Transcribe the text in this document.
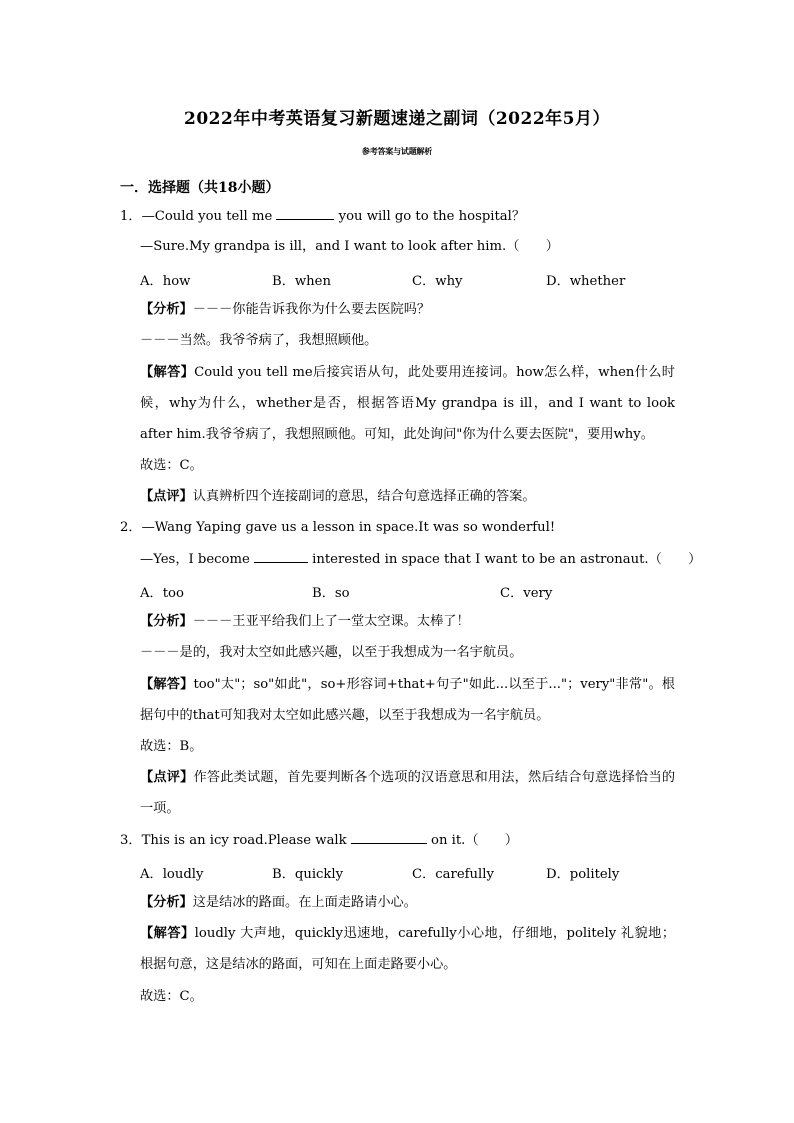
2022年中考英语复习新题速递之副词（2022年5月）
参考答案与试题解析
一．选择题（共18小题）
1．—Could you tell me	you will go to the hospital？
—Sure.My grandpa is ill，and I want to look after him.（　　）
A．how	B．when	C．why	D．whether
【分析】－－－你能告诉我你为什么要去医院吗？
－－－当然。我爷爷病了，我想照顾他。
【解答】Could you tell me后接宾语从句，此处要用连接词。how怎么样，when什么时候，why为什么，whether是否，根据答语My grandpa is ill，and I want to look after him.我爷爷病了，我想照顾他。可知，此处询问"你为什么要去医院"，要用why。
故选：C。
【点评】认真辨析四个连接副词的意思，结合句意选择正确的答案。
2．—Wang Yaping gave us a lesson in space.It was so wonderful!
—Yes，I become	interested in space that I want to be an astronaut.（　　）
A．too	B．so	C．very
【分析】－－－王亚平给我们上了一堂太空课。太棒了！
－－－是的，我对太空如此感兴趣，以至于我想成为一名宇航员。
【解答】too"太"；so"如此"，so+形容词+that+句子"如此...以至于..."；very"非常"。根据句中的that可知我对太空如此感兴趣，以至于我想成为一名宇航员。
故选：B。
【点评】作答此类试题，首先要判断各个选项的汉语意思和用法，然后结合句意选择恰当的一项。
3．This is an icy road.Please walk	on it.（　　）
A．loudly	B．quickly	C．carefully	D．politely
【分析】这是结冰的路面。在上面走路请小心。
【解答】loudly 大声地，quickly迅速地，carefully小心地，仔细地，politely 礼貌地；根据句意，这是结冰的路面，可知在上面走路要小心。
故选：C。
